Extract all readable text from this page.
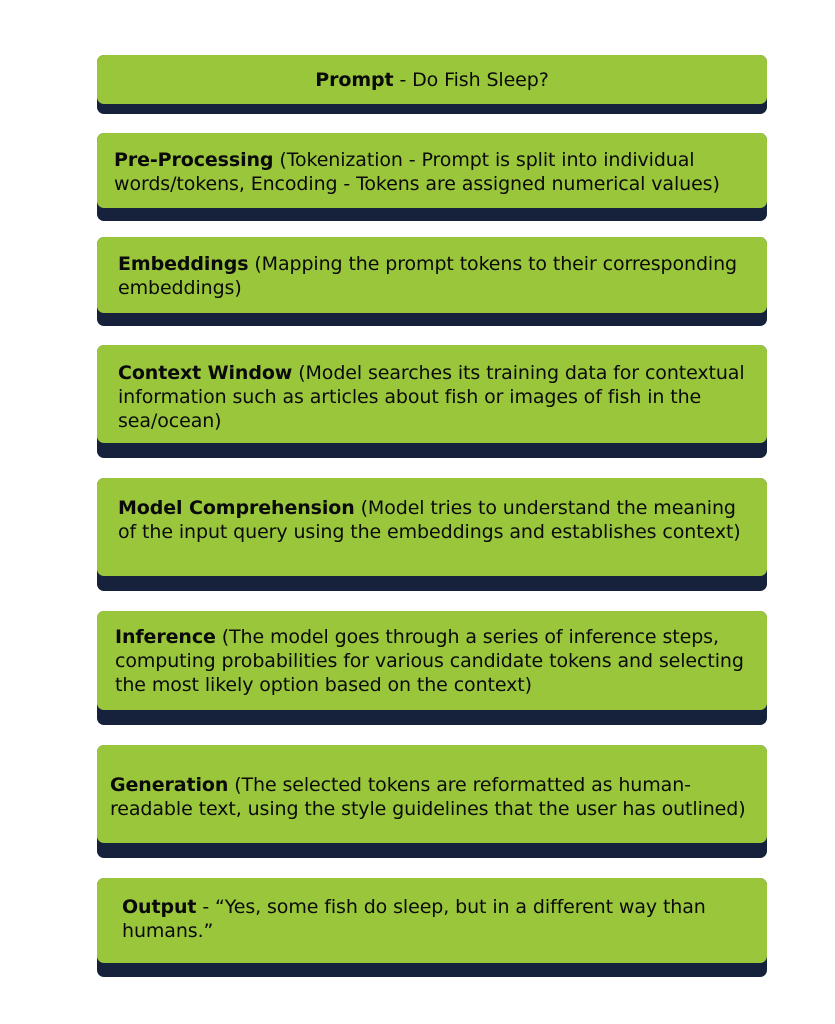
Prompt - Do Fish Sleep?
Pre-Processing (Tokenization - Prompt is split into individual words/tokens, Encoding - Tokens are assigned numerical values)
Embeddings (Mapping the prompt tokens to their corresponding embeddings)
Context Window (Model searches its training data for contextual information such as articles about fish or images of fish in the sea/ocean)
Model Comprehension (Model tries to understand the meaning of the input query using the embeddings and establishes context)
Inference (The model goes through a series of inference steps, computing probabilities for various candidate tokens and selecting the most likely option based on the context)
Generation (The selected tokens are reformatted as human-readable text, using the style guidelines that the user has outlined)
Output - “Yes, some fish do sleep, but in a different way than humans.”
